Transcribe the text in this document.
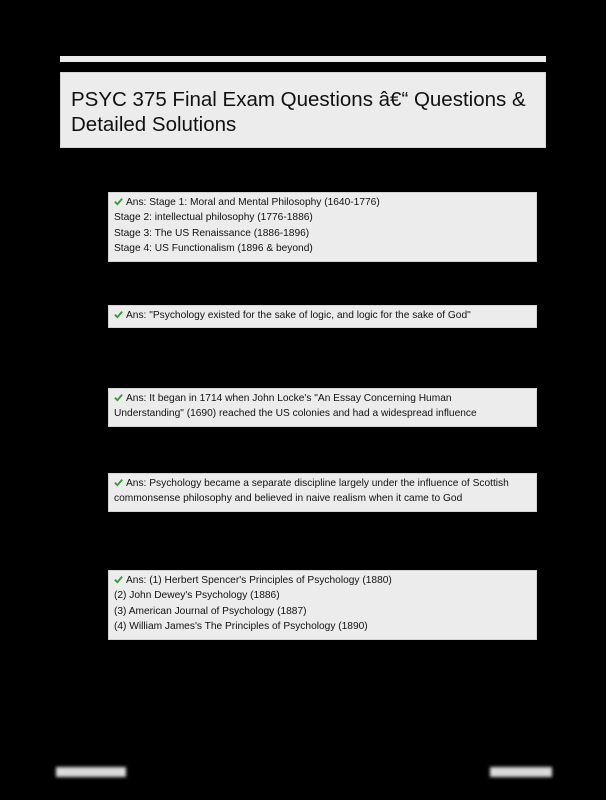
PSYC 375 Final Exam Questions â€“ Questions & Detailed Solutions
Ans: Stage 1: Moral and Mental Philosophy (1640-1776)
Stage 2: intellectual philosophy (1776-1886)
Stage 3: The US Renaissance (1886-1896)
Stage 4: US Functionalism (1896 & beyond)
Ans: "Psychology existed for the sake of logic, and logic for the sake of God"
Ans: It began in 1714 when John Locke's "An Essay Concerning Human
Understanding" (1690) reached the US colonies and had a widespread influence
Ans: Psychology became a separate discipline largely under the influence of Scottish
commonsense philosophy and believed in naive realism when it came to God
Ans: (1) Herbert Spencer's Principles of Psychology (1880)
(2) John Dewey's Psychology (1886)
(3) American Journal of Psychology (1887)
(4) William James's The Principles of Psychology (1890)
